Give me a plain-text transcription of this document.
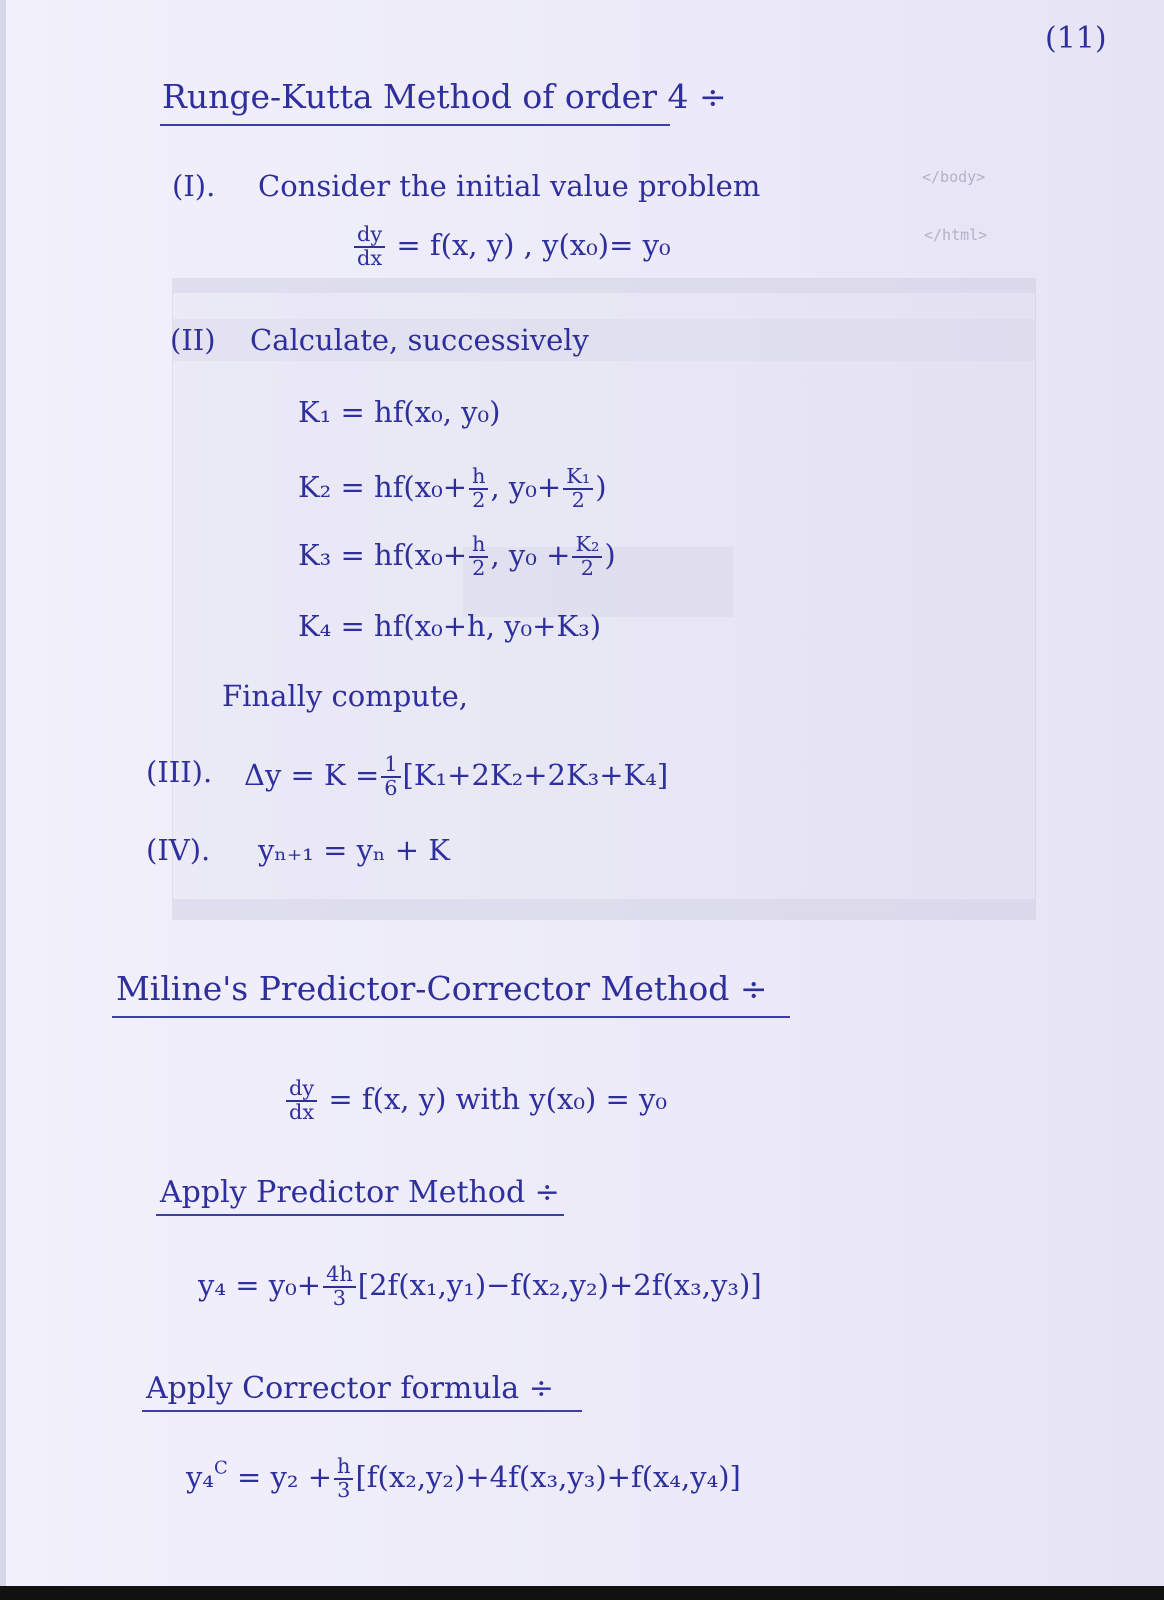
</body>
</html>
(11)
Runge-Kutta Method of order 4 ÷
(I). Consider the initial value problem
$\frac{dy}{dx} = f(x$, y) , y(x₀)= y₀
(II) Calculate, successively
K₁ = hf(x₀, y₀)
$K_2 = hf(x_0+ \frac{h}{2}$ , $y_0+ \frac{\text{K₁}}{2}$ )
$K_3 = hf(x_0+ \frac{h}{2}$ , $y_0 + \frac{\text{K₂}}{2}$ )
K₄ = hf(x₀+h, y₀+K₃)
Finally compute,
(III). $\Delta y = K = \frac{1}{6} [K_1+2K_2+2K_3+K_4]$
(IV). yₙ₊₁ = yₙ + K
Miline's Predictor-Corrector Method ÷
$\frac{dy}{dx} = f(x$, y) with y(x₀) = y₀
Apply Predictor Method ÷
$y_4 = y_0+ \frac{4h}{3} [2f(x_1,y_1)-f(x_2,y_2)+2f(x_3,y_3)]$
Apply Corrector formula ÷
$y_4^C = y_2 + \frac{h}{3} [f(x_2,y_2)+4f(x_3,y_3)+f(x_4,y_4)]$
